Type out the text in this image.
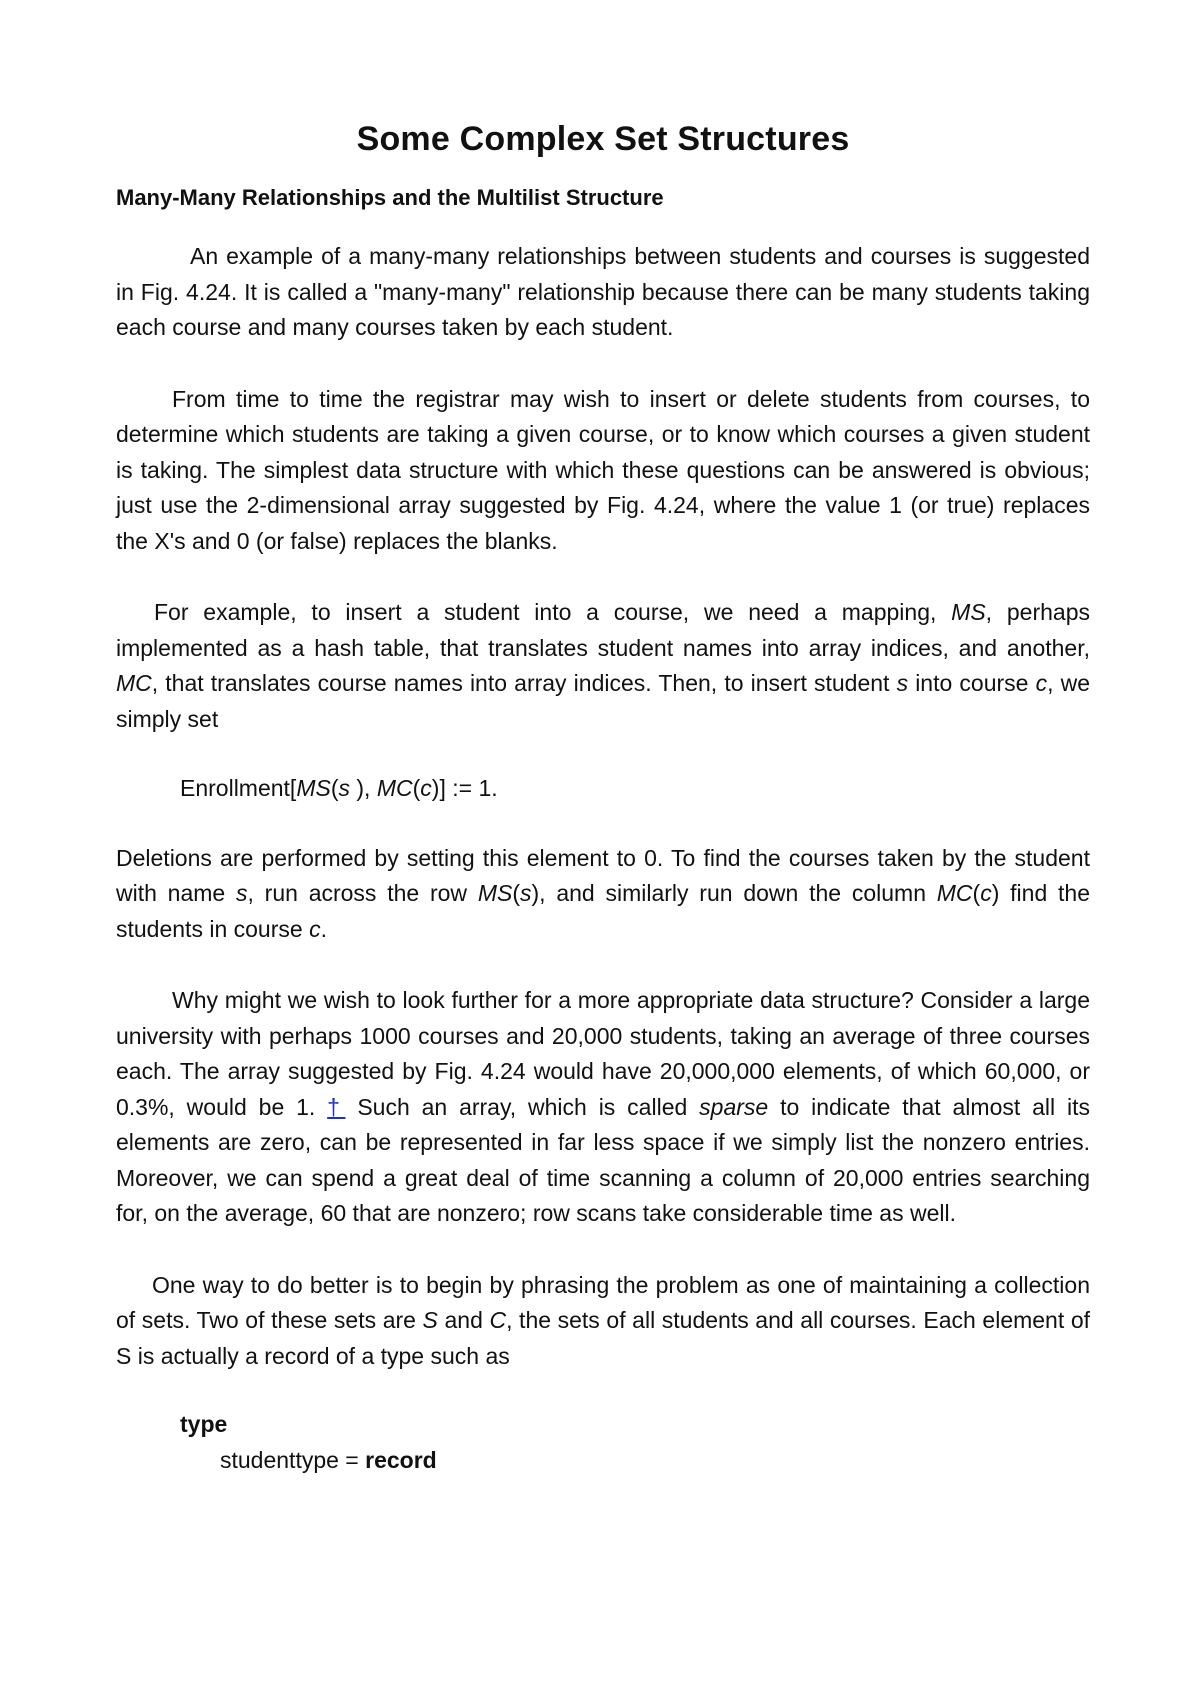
Some Complex Set Structures
Many-Many Relationships and the Multilist Structure

An example of a many-many relationships between students and courses is suggested in Fig. 4.24. It is called a "many-many" relationship because there can be many students taking each course and many courses taken by each student.

From time to time the registrar may wish to insert or delete students from courses, to determine which students are taking a given course, or to know which courses a given student is taking. The simplest data structure with which these questions can be answered is obvious; just use the 2-dimensional array suggested by Fig. 4.24, where the value 1 (or true) replaces the X's and 0 (or false) replaces the blanks.

For example, to insert a student into a course, we need a mapping, MS, perhaps implemented as a hash table, that translates student names into array indices, and another, MC, that translates course names into array indices. Then, to insert student s into course c, we simply set

Enrollment[MS(s ), MC(c)] := 1.

Deletions are performed by setting this element to 0. To find the courses taken by the student with name s, run across the row MS(s), and similarly run down the column MC(c) find the students in course c.

Why might we wish to look further for a more appropriate data structure? Consider a large university with perhaps 1000 courses and 20,000 students, taking an average of three courses each. The array suggested by Fig. 4.24 would have 20,000,000 elements, of which 60,000, or 0.3%, would be 1. † Such an array, which is called sparse to indicate that almost all its elements are zero, can be represented in far less space if we simply list the nonzero entries. Moreover, we can spend a great deal of time scanning a column of 20,000 entries searching for, on the average, 60 that are nonzero; row scans take considerable time as well.

One way to do better is to begin by phrasing the problem as one of maintaining a collection of sets. Two of these sets are S and C, the sets of all students and all courses. Each element of S is actually a record of a type such as

type
studenttype = record
